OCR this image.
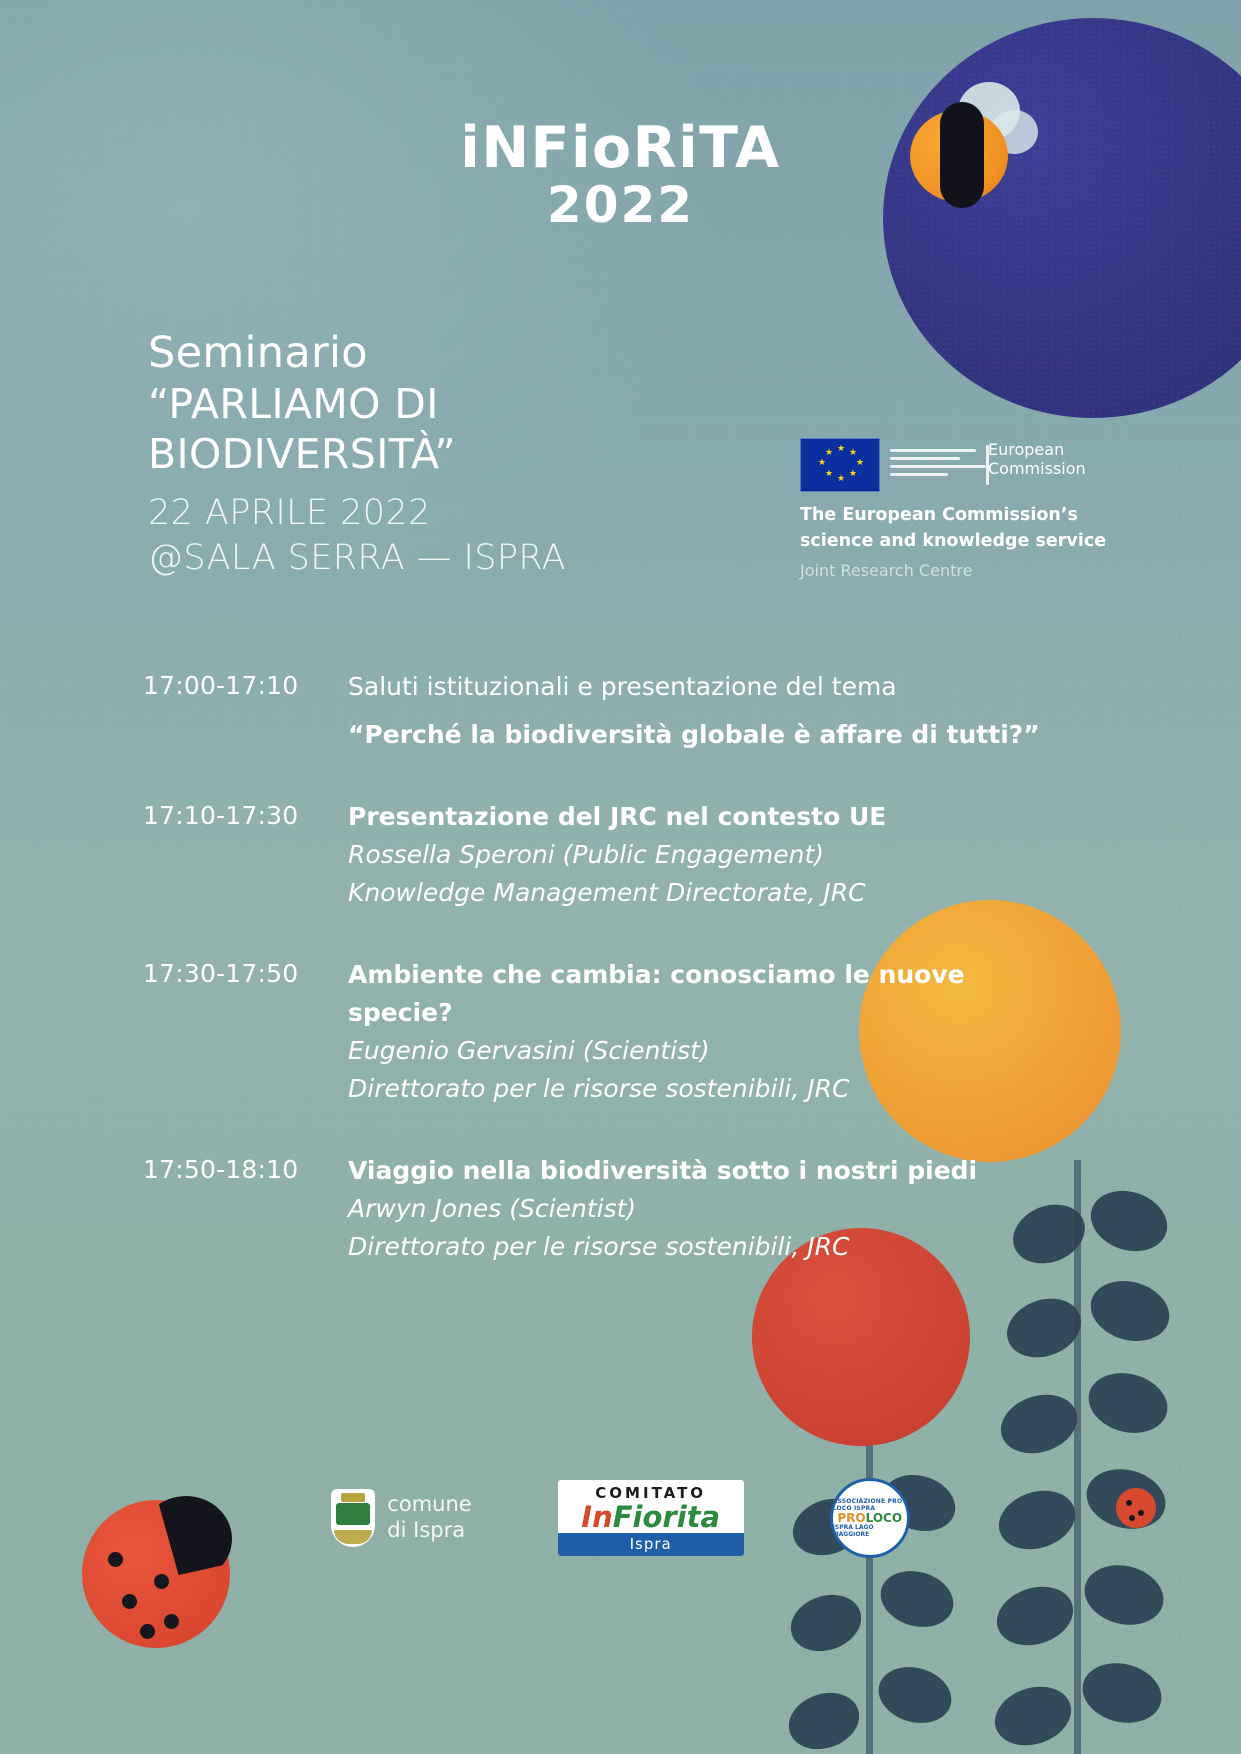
iNFioRiTA
2022
Seminario
“PARLIAMO DI
BIODIVERSITÀ”
22 APRILE 2022
@SALA SERRA — ISPRA
★ ★
★
★
★
★
★
★	European
Commission
The European Commission’s
science and knowledge service
Joint Research Centre
17:00-17:10	Saluti istituzionali e presentazione del tema
“Perché la biodiversità globale è affare di tutti?”
17:10-17:30	Presentazione del JRC nel contesto UE
Rossella Speroni (Public Engagement)
Knowledge Management Directorate, JRC
17:30-17:50	Ambiente che cambia: conosciamo le nuove
specie?
Eugenio Gervasini (Scientist)
Direttorato per le risorse sostenibili, JRC
17:50-18:10	Viaggio nella biodiversità sotto i nostri piedi
Arwyn Jones (Scientist)
Direttorato per le risorse sostenibili, JRC
comune
di Ispra
COMITATO
InFiorita
Ispra
ASSOCIAZIONE PRO LOCO ISPRA
PROLOCO
ISPRA LAGO MAGGIORE
